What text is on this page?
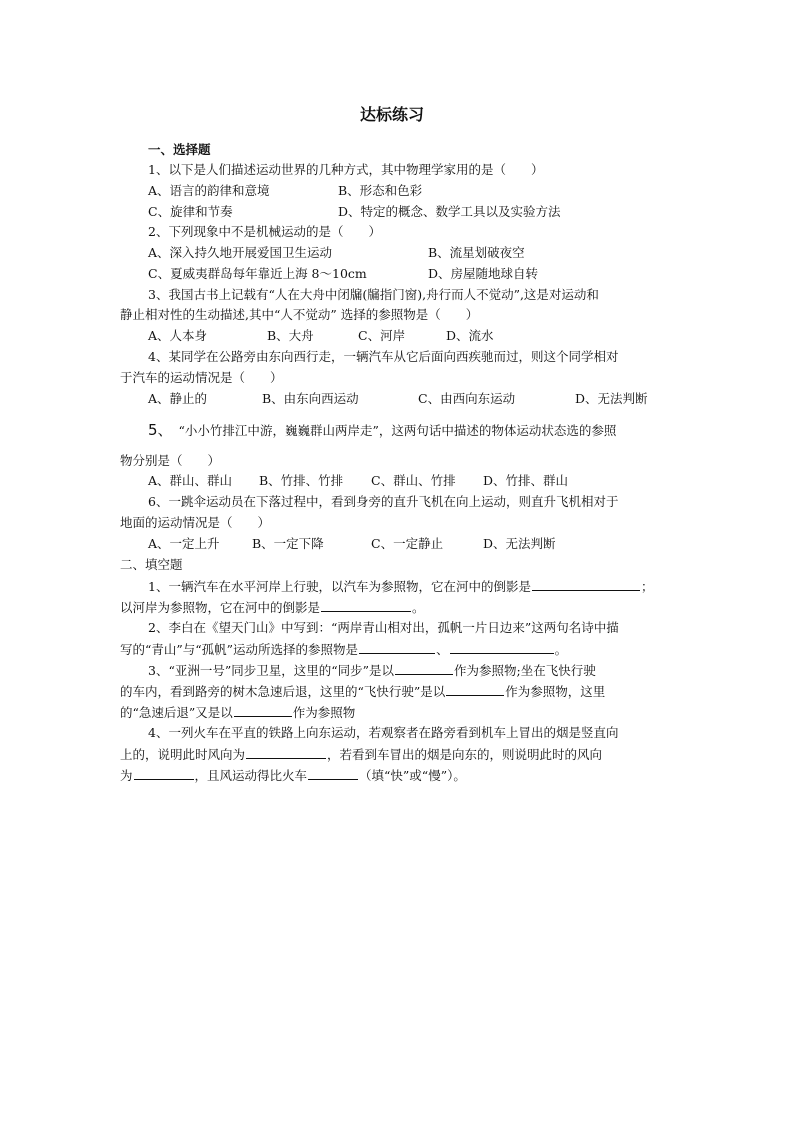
达标练习
一、选择题
1、以下是人们描述运动世界的几种方式，其中物理学家用的是（　　）
A、语言的韵律和意境	B、形态和色彩
C、旋律和节奏	D、特定的概念、数学工具以及实验方法
2、下列现象中不是机械运动的是（　　）
A、深入持久地开展爱国卫生运动	B、流星划破夜空
C、夏威夷群岛每年靠近上海 8～10cm	D、房屋随地球自转
3、我国古书上记载有“人在大舟中闭牖(牖指门窗),舟行而人不觉动”,这是对运动和
静止相对性的生动描述,其中“人不觉动” 选择的参照物是（　　）
A、人本身	B、大舟	C、河岸	D、流水
4、某同学在公路旁由东向西行走，一辆汽车从它后面向西疾驰而过，则这个同学相对
于汽车的运动情况是（　　）
A、静止的	B、由东向西运动	C、由西向东运动	D、无法判断
5、 “小小竹排江中游，巍巍群山两岸走”，这两句话中描述的物体运动状态选的参照
物分别是（　　）
A、群山、群山 B、竹排、竹排 C、群山、竹排 D、竹排、群山
6、一跳伞运动员在下落过程中，看到身旁的直升飞机在向上运动，则直升飞机相对于
地面的运动情况是（　　）
A、一定上升	B、一定下降	C、一定静止	D、无法判断
二、填空题
1、一辆汽车在水平河岸上行驶，以汽车为参照物，它在河中的倒影是	；
以河岸为参照物，它在河中的倒影是	。
2、李白在《望天门山》中写到：“两岸青山相对出，孤帆一片日边来”这两句名诗中描
写的“青山”与“孤帆”运动所选择的参照物是	、	。
3、“亚洲一号”同步卫星，这里的“同步”是以	作为参照物;坐在飞快行驶
的车内，看到路旁的树木急速后退，这里的“飞快行驶”是以	作为参照物，这里
的“急速后退”又是以	作为参照物
4、一列火车在平直的铁路上向东运动，若观察者在路旁看到机车上冒出的烟是竖直向
上的，说明此时风向为	，若看到车冒出的烟是向东的，则说明此时的风向
为	，且风运动得比火车	（填“快”或“慢”）。
